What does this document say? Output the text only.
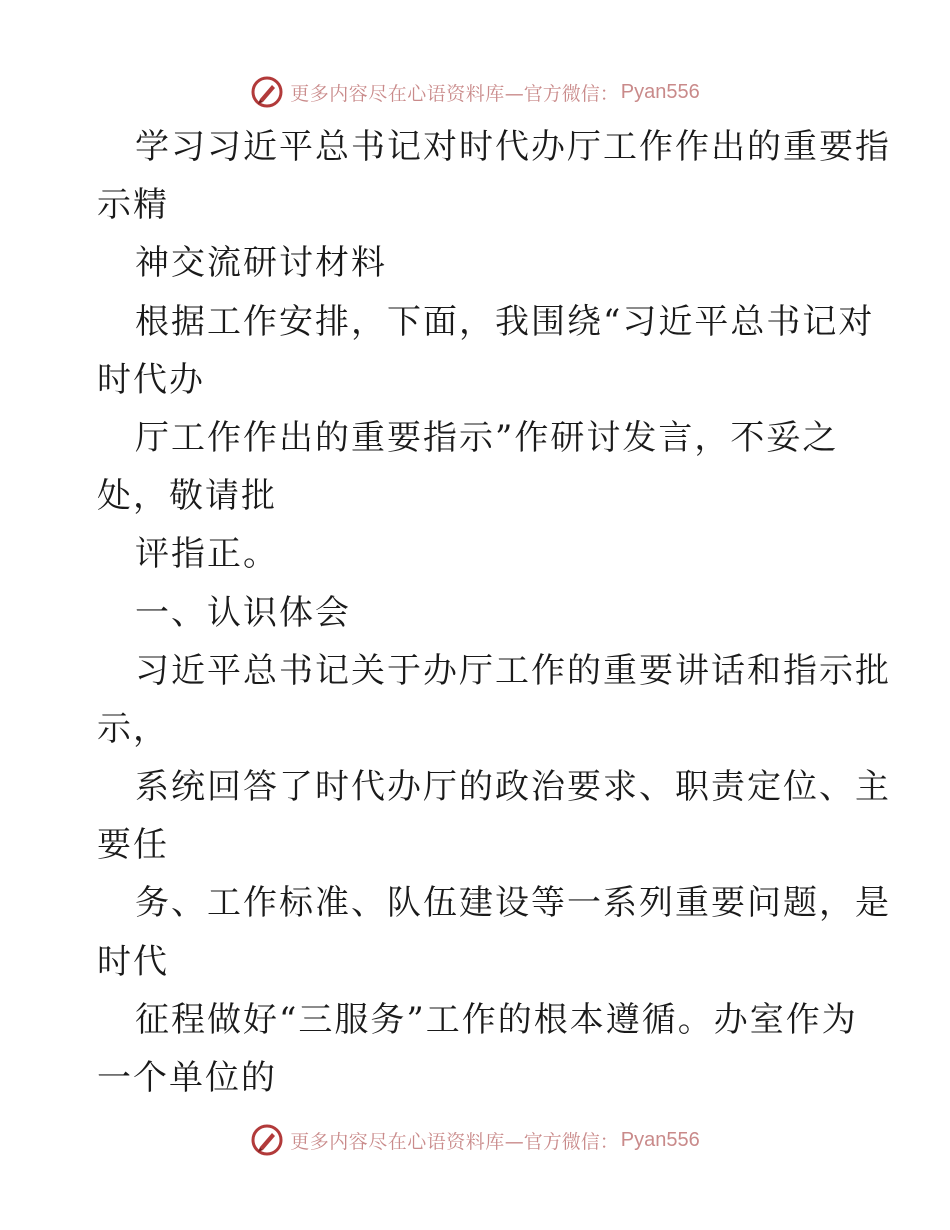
更多内容尽在心语资料库 —官方微信： Pyan556
学习习近平总书记对时代办厅工作作出的重要指
示精
神交流研讨材料
根据工作安排，下面，我围绕“习近平总书记对
时代办
厅工作作出的重要指示”作研讨发言，不妥之
处，敬请批
评指正。
一、认识体会
习近平总书记关于办厅工作的重要讲话和指示批
示，
系统回答了时代办厅的政治要求、职责定位、主
要任
务、工作标准、队伍建设等一系列重要问题，是
时代
征程做好“三服务”工作的根本遵循。办室作为
一个单位的
更多内容尽在心语资料库 —官方微信： Pyan556
